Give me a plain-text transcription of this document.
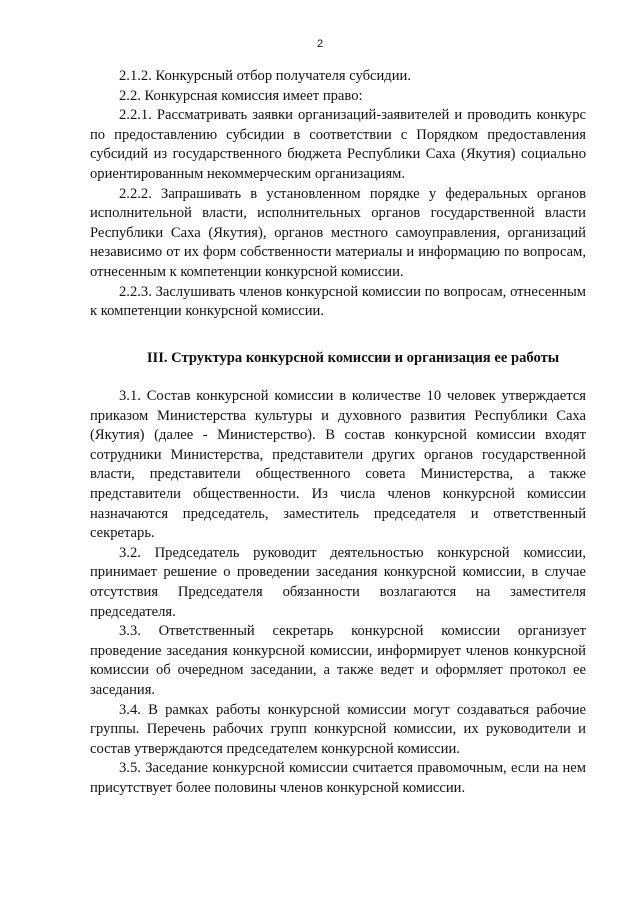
2

2.1.2. Конкурсный отбор получателя субсидии.

2.2. Конкурсная комиссия имеет право:

2.2.1. Рассматривать заявки организаций-заявителей и проводить конкурс по предоставлению субсидии в соответствии с Порядком предоставления субсидий из государственного бюджета Республики Саха (Якутия) социально ориентированным некоммерческим организациям.

2.2.2. Запрашивать в установленном порядке у федеральных органов исполнительной власти, исполнительных органов государственной власти Республики Саха (Якутия), органов местного самоуправления, организаций независимо от их форм собственности материалы и информацию по вопросам, отнесенным к компетенции конкурсной комиссии.

2.2.3. Заслушивать членов конкурсной комиссии по вопросам, отнесенным к компетенции конкурсной комиссии.

III. Структура конкурсной комиссии и организация ее работы

3.1. Состав конкурсной комиссии в количестве 10 человек утверждается приказом Министерства культуры и духовного развития Республики Саха (Якутия) (далее - Министерство). В состав конкурсной комиссии входят сотрудники Министерства, представители других органов государственной власти, представители общественного совета Министерства, а также представители общественности. Из числа членов конкурсной комиссии назначаются председатель, заместитель председателя и ответственный секретарь.

3.2. Председатель руководит деятельностью конкурсной комиссии, принимает решение о проведении заседания конкурсной комиссии, в случае отсутствия Председателя обязанности возлагаются на заместителя председателя.

3.3. Ответственный секретарь конкурсной комиссии организует проведение заседания конкурсной комиссии, информирует членов конкурсной комиссии об очередном заседании, а также ведет и оформляет протокол ее заседания.

3.4. В рамках работы конкурсной комиссии могут создаваться рабочие группы. Перечень рабочих групп конкурсной комиссии, их руководители и состав утверждаются председателем конкурсной комиссии.

3.5. Заседание конкурсной комиссии считается правомочным, если на нем присутствует более половины членов конкурсной комиссии.
